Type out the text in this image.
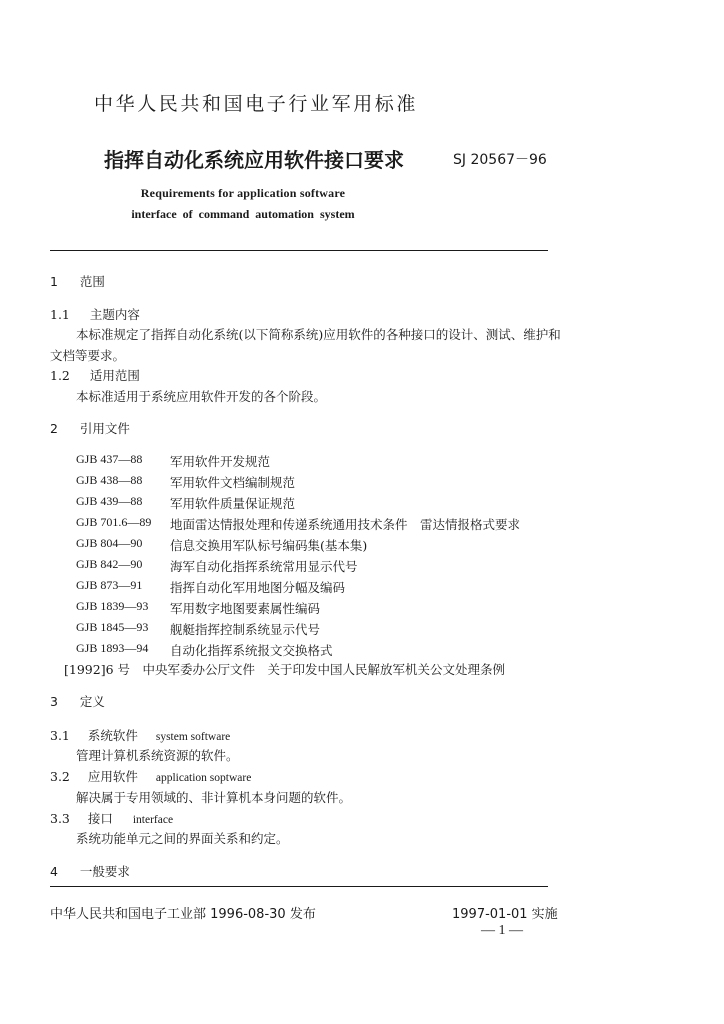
中华人民共和国电子行业军用标准
指挥自动化系统应用软件接口要求	SJ 20567－96
Requirements for application software
interface of command automation system
1 范围
1.1 主题内容
本标准规定了指挥自动化系统(以下简称系统)应用软件的各种接口的设计、测试、维护和
文档等要求。
1.2 适用范围
本标准适用于系统应用软件开发的各个阶段。
2 引用文件
GJB 437—88 军用软件开发规范
GJB 438—88 军用软件文档编制规范
GJB 439—88 军用软件质量保证规范
GJB 701.6—89 地面雷达情报处理和传递系统通用技术条件　雷达情报格式要求
GJB 804—90 信息交换用军队标号编码集(基本集)
GJB 842—90 海军自动化指挥系统常用显示代号
GJB 873—91 指挥自动化军用地图分幅及编码
GJB 1839—93 军用数字地图要素属性编码
GJB 1845—93 舰艇指挥控制系统显示代号
GJB 1893—94 自动化指挥系统报文交换格式
[1992]6 号　中央军委办公厅文件　关于印发中国人民解放军机关公文处理条例
3 定义
3.1 系统软件 system software
管理计算机系统资源的软件。
3.2 应用软件 application soptware
解决属于专用领域的、非计算机本身问题的软件。
3.3 接口 interface
系统功能单元之间的界面关系和约定。
4 一般要求
中华人民共和国电子工业部 1996-08-30 发布	1997-01-01 实施
— 1 —
